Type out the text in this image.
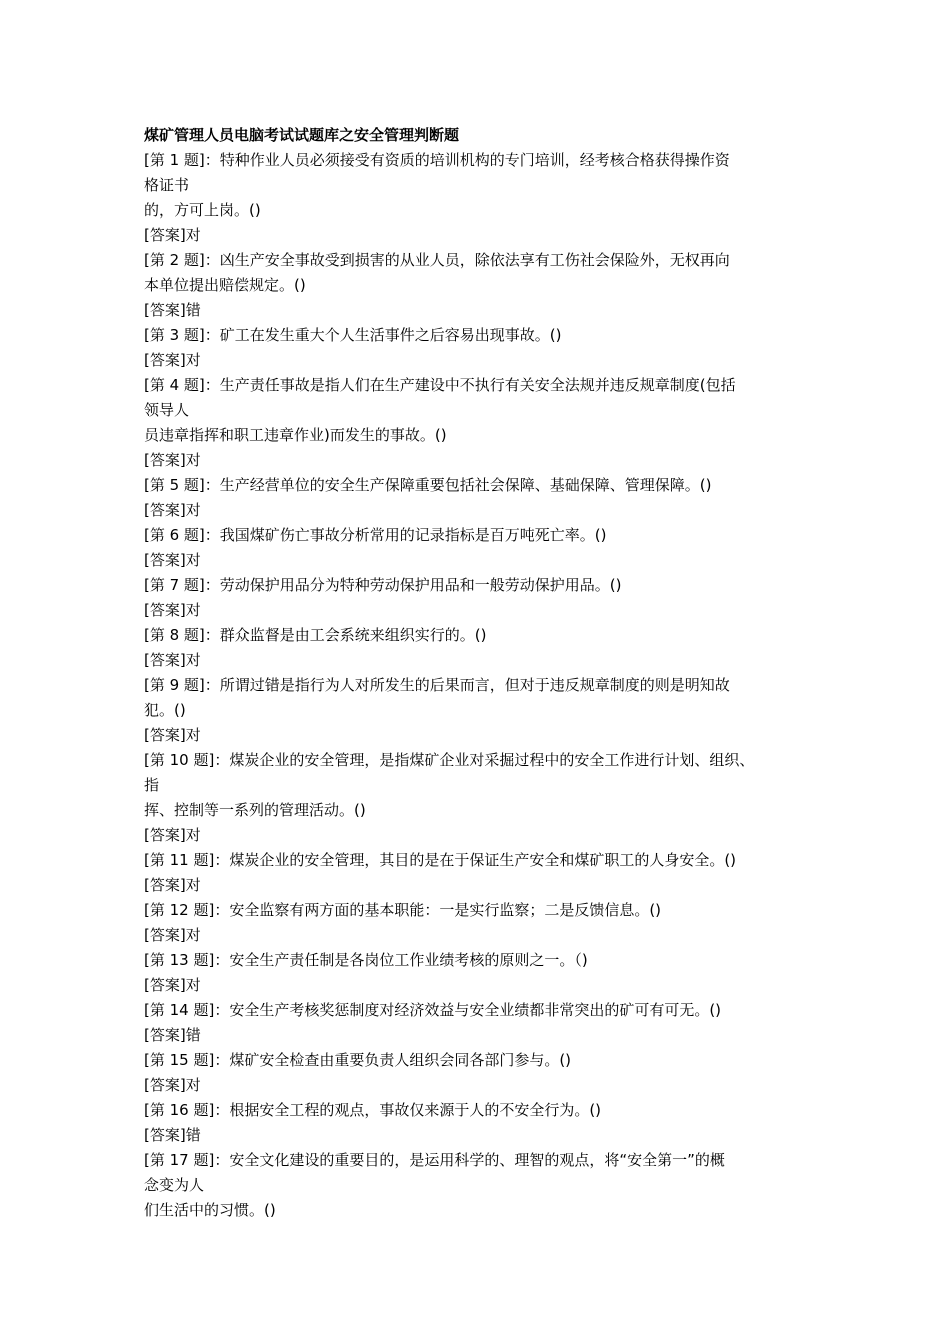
煤矿管理人员电脑考试试题库之安全管理判断题
[第 1 题]：特种作业人员必须接受有资质的培训机构的专门培训，经考核合格获得操作资
格证书
的，方可上岗。()
[答案]对
[第 2 题]：凶生产安全事故受到损害的从业人员，除依法享有工伤社会保险外，无权再向
本单位提出赔偿规定。()
[答案]错
[第 3 题]：矿工在发生重大个人生活事件之后容易出现事故。()
[答案]对
[第 4 题]：生产责任事故是指人们在生产建设中不执行有关安全法规并违反规章制度(包括
领导人
员违章指挥和职工违章作业)而发生的事故。()
[答案]对
[第 5 题]：生产经营单位的安全生产保障重要包括社会保障、基础保障、管理保障。()
[答案]对
[第 6 题]：我国煤矿伤亡事故分析常用的记录指标是百万吨死亡率。()
[答案]对
[第 7 题]：劳动保护用品分为特种劳动保护用品和一般劳动保护用品。()
[答案]对
[第 8 题]：群众监督是由工会系统来组织实行的。()
[答案]对
[第 9 题]：所谓过错是指行为人对所发生的后果而言，但对于违反规章制度的则是明知故
犯。()
[答案]对
[第 10 题]：煤炭企业的安全管理，是指煤矿企业对采掘过程中的安全工作进行计划、组织、
指
挥、控制等一系列的管理活动。()
[答案]对
[第 11 题]：煤炭企业的安全管理，其目的是在于保证生产安全和煤矿职工的人身安全。()
[答案]对
[第 12 题]：安全监察有两方面的基本职能：一是实行监察；二是反馈信息。()
[答案]对
[第 13 题]：安全生产责任制是各岗位工作业绩考核的原则之一。（)
[答案]对
[第 14 题]：安全生产考核奖惩制度对经济效益与安全业绩都非常突出的矿可有可无。()
[答案]错
[第 15 题]：煤矿安全检查由重要负责人组织会同各部门参与。()
[答案]对
[第 16 题]：根据安全工程的观点，事故仅来源于人的不安全行为。()
[答案]错
[第 17 题]：安全文化建设的重要目的，是运用科学的、理智的观点，将“安全第一”的概
念变为人
们生活中的习惯。()
